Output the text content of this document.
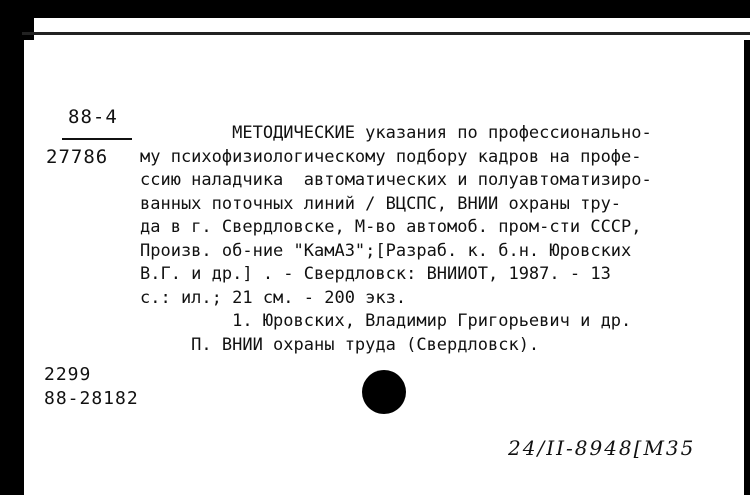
88-4
27786
МЕТОДИЧЕСКИЕ указания по профессионально-
му психофизиологическому подбору кадров на профе-
ссию наладчика  автоматических и полуавтоматизиро-
ванных поточных линий / ВЦСПС, ВНИИ охраны тру-
да в г. Свердловске, М-во автомоб. пром-сти СССР,
Произв. об-ние "КамАЗ";[Разраб. к. б.н. Юровских
В.Г. и др.] . - Свердловск: ВНИИОТ, 1987. - 13
с.: ил.; 21 см. - 200 экз.
1. Юровских, Владимир Григорьевич и др.
П. ВНИИ охраны труда (Свердловск).
2299
88-28182
24/II-8948[M35
